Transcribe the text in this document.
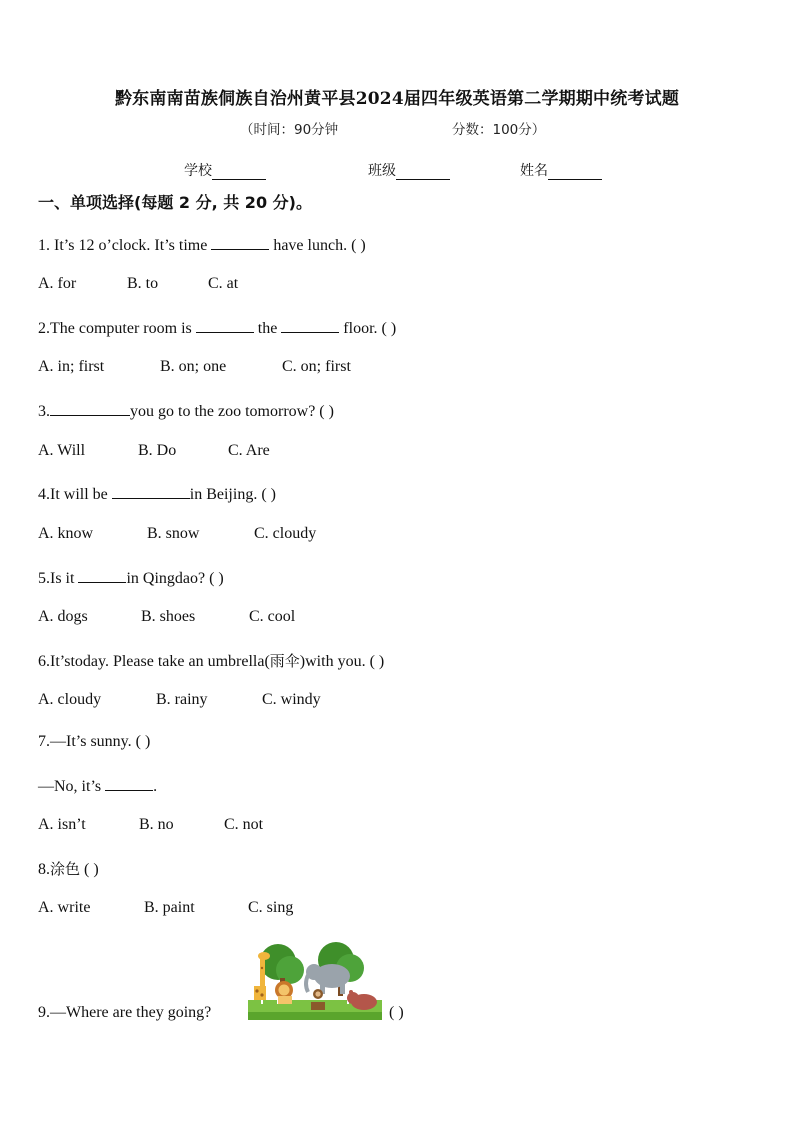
黔东南南苗族侗族自治州黄平县2024届四年级英语第二学期期中统考试题
（时间：90分钟	分数：100分）
学校	班级	姓名
一、单项选择(每题 2 分, 共 20 分)。
1. It’s 12 o’clock. It’s time	have lunch. ( )
A. for	B. to	C. at
2.The computer room is	the	floor. ( )
A. in; first	B. on; one	C. on; first
3.	you go to the zoo tomorrow? ( )
A. Will	B. Do	C. Are
4.It will be	in Beijing. ( )
A. know	B. snow	C. cloudy
5.Is it	in Qingdao? ( )
A. dogs	B. shoes	C. cool
6.It’stoday. Please take an umbrella(雨伞)with you. ( )
A. cloudy	B. rainy	C. windy
7.—It’s sunny. ( )
—No, it’s	.
A. isn’t	B. no	C. not
8.涂色 ( )
A. write	B. paint	C. sing
9.—Where are they going?	( )
